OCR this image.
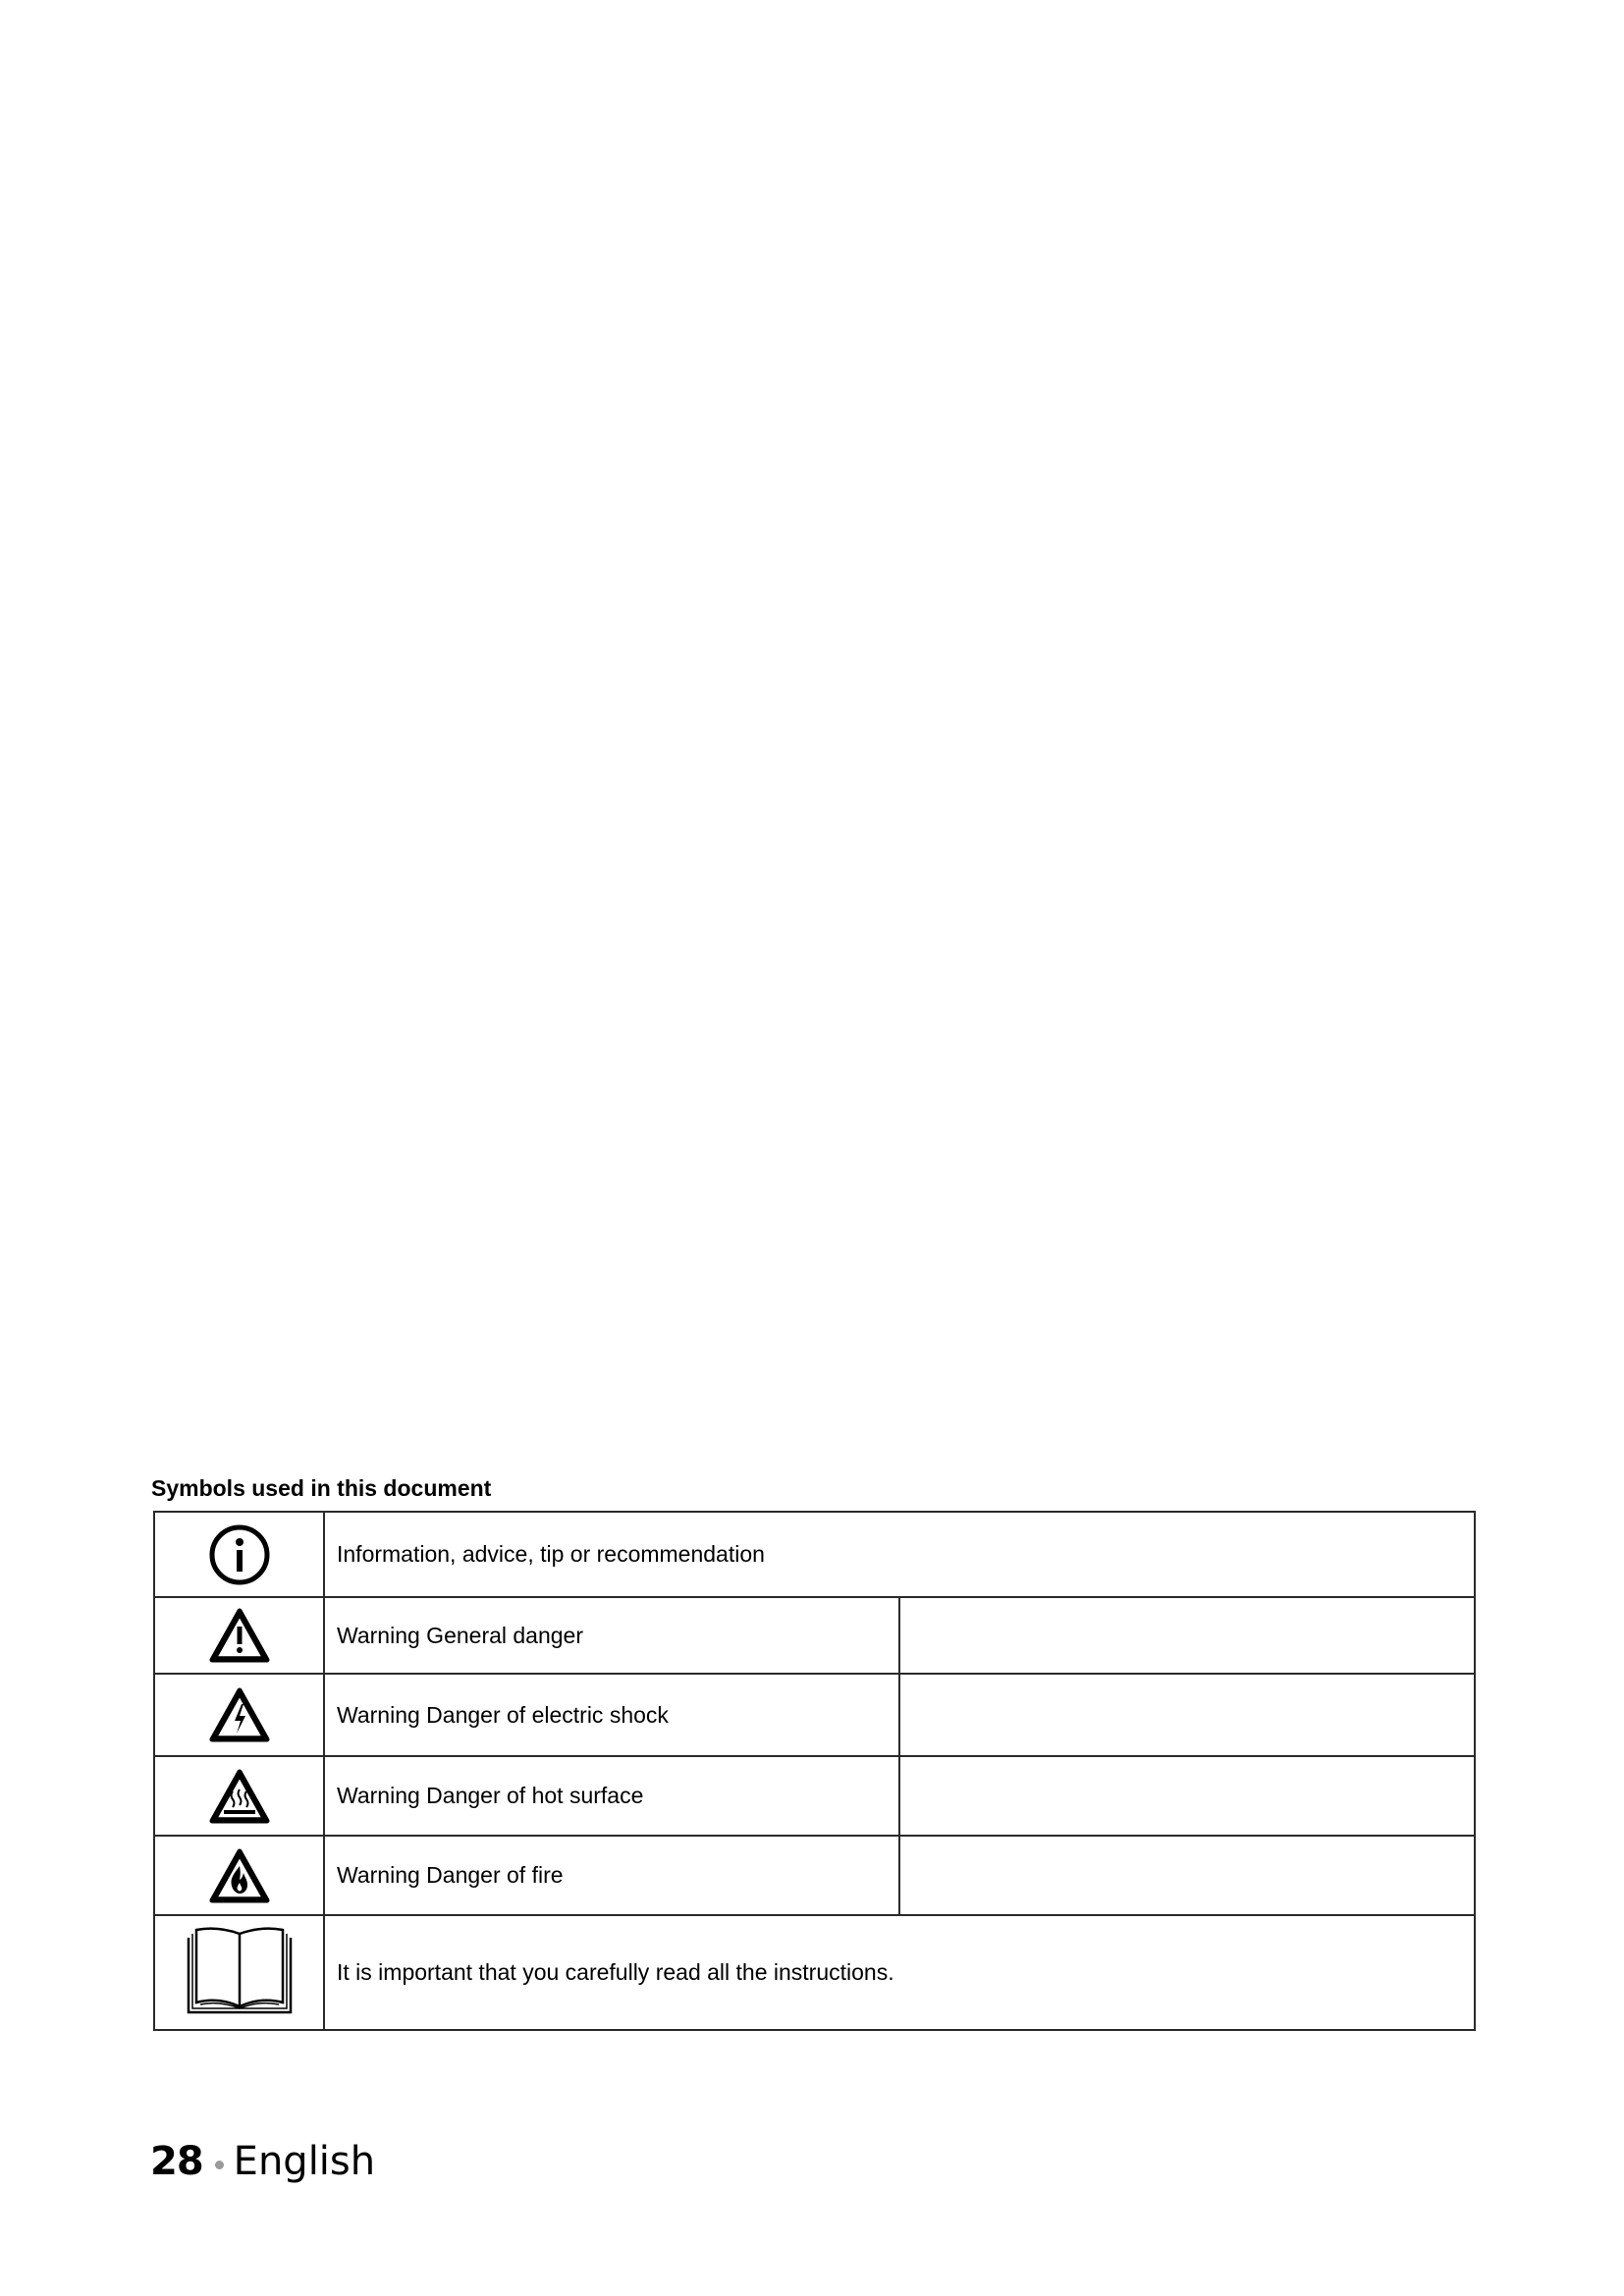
Symbols used in this document
	Information, advice, tip or recommendation	

	Warning General danger	

	Warning Danger of electric shock	

	Warning Danger of hot surface	

	Warning Danger of fire	

	It is important that you carefully read all the instructions.	
28 English
